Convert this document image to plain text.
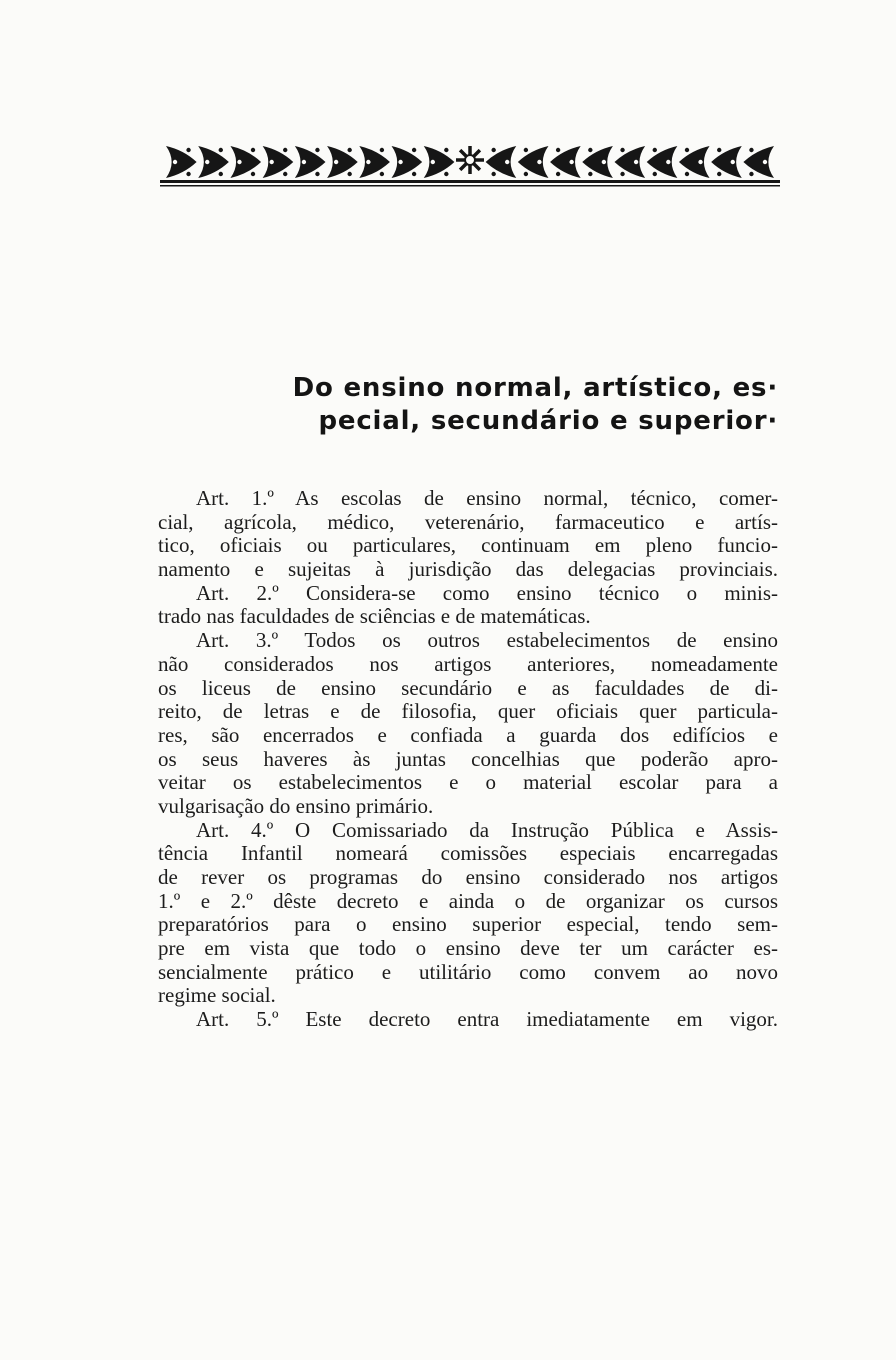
Do ensino normal, artístico, es·
pecial, secundário e superior·
Art. 1.º As escolas de ensino normal, técnico, comer-
cial, agrícola, médico, veterenário, farmaceutico e artís-
tico, oficiais ou particulares, continuam em pleno funcio-
namento e sujeitas à jurisdição das delegacias provinciais.
Art. 2.º Considera-se como ensino técnico o minis-
trado nas faculdades de sciências e de matemáticas.
Art. 3.º Todos os outros estabelecimentos de ensino
não considerados nos artigos anteriores, nomeadamente
os liceus de ensino secundário e as faculdades de di-
reito, de letras e de filosofia, quer oficiais quer particula-
res, são encerrados e confiada a guarda dos edifícios e
os seus haveres às juntas concelhias que poderão apro-
veitar os estabelecimentos e o material escolar para a
vulgarisação do ensino primário.
Art. 4.º O Comissariado da Instrução Pública e Assis-
tência Infantil nomeará comissões especiais encarregadas
de rever os programas do ensino considerado nos artigos
1.º e 2.º dêste decreto e ainda o de organizar os cursos
preparatórios para o ensino superior especial, tendo sem-
pre em vista que todo o ensino deve ter um carácter es-
sencialmente prático e utilitário como convem ao novo
regime social.
Art. 5.º Este decreto entra imediatamente em vigor.
